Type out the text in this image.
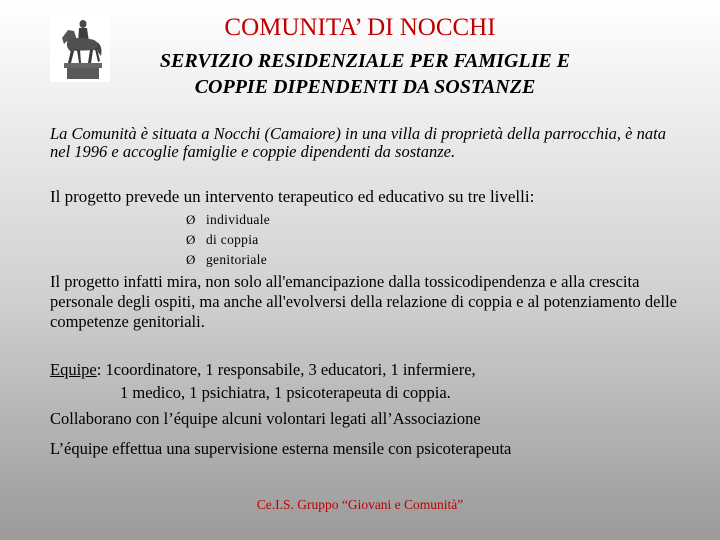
COMUNITA’ DI NOCCHI
SERVIZIO RESIDENZIALE PER FAMIGLIE E
COPPIE DIPENDENTI DA SOSTANZE

La Comunità è situata a Nocchi (Camaiore) in una villa di proprietà della parrocchia, è nata nel 1996 e accoglie famiglie e coppie dipendenti da sostanze.

Il progetto prevede un intervento terapeutico ed educativo su tre livelli:

Ø individuale
Ø di coppia
Ø genitoriale

Il progetto infatti mira, non solo all'emancipazione dalla tossicodipendenza e alla crescita personale degli ospiti, ma anche all'evolversi della relazione di coppia e al potenziamento delle competenze genitoriali.

Equipe: 1coordinatore, 1 responsabile, 3 educatori, 1 infermiere,
1 medico, 1 psichiatra, 1 psicoterapeuta di coppia.

Collaborano con l’équipe alcuni volontari legati all’Associazione

L’équipe effettua una supervisione esterna mensile con psicoterapeuta

Ce.I.S. Gruppo “Giovani e Comunità”
